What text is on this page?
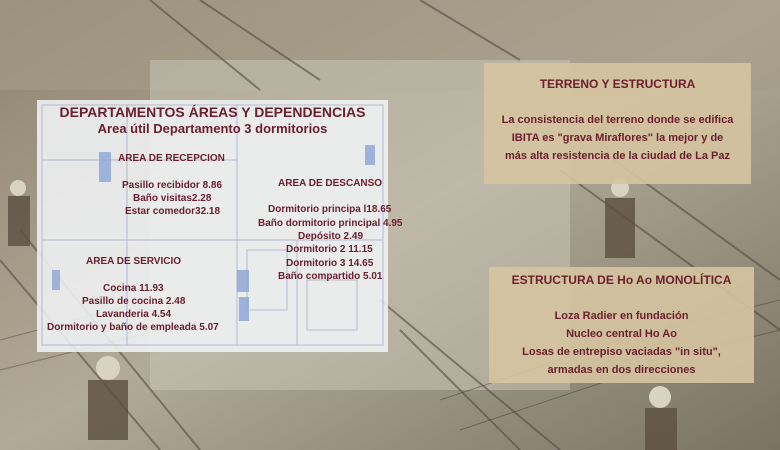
DEPARTAMENTOS ÁREAS Y DEPENDENCIAS
Area útil Departamento 3 dormitorios
AREA DE RECEPCION
Pasillo recibidor 8.86
Baño visitas2.28
Estar comedor32.18
AREA DE DESCANSO
Dormitorio principa l18.65
Baño dormitorio principal 4.95
Depósito 2.49
Dormitorio 2 11.15
Dormitorio 3 14.65
Baño compartido 5.01
AREA DE SERVICIO
Cocina 11.93
Pasillo de cocina 2.48
Lavanderia 4.54
Dormitorio y baño de empleada 5.07
TERRENO Y ESTRUCTURA
La consistencia del terreno donde se edifica
IBITA es "grava Miraflores" la mejor y de
más alta resistencia de la ciudad de La Paz
ESTRUCTURA DE Ho Ao MONOLÍTICA
Loza Radier en fundación
Nucleo central Ho Ao
Losas de entrepiso vaciadas "in situ",
armadas en dos direcciones
